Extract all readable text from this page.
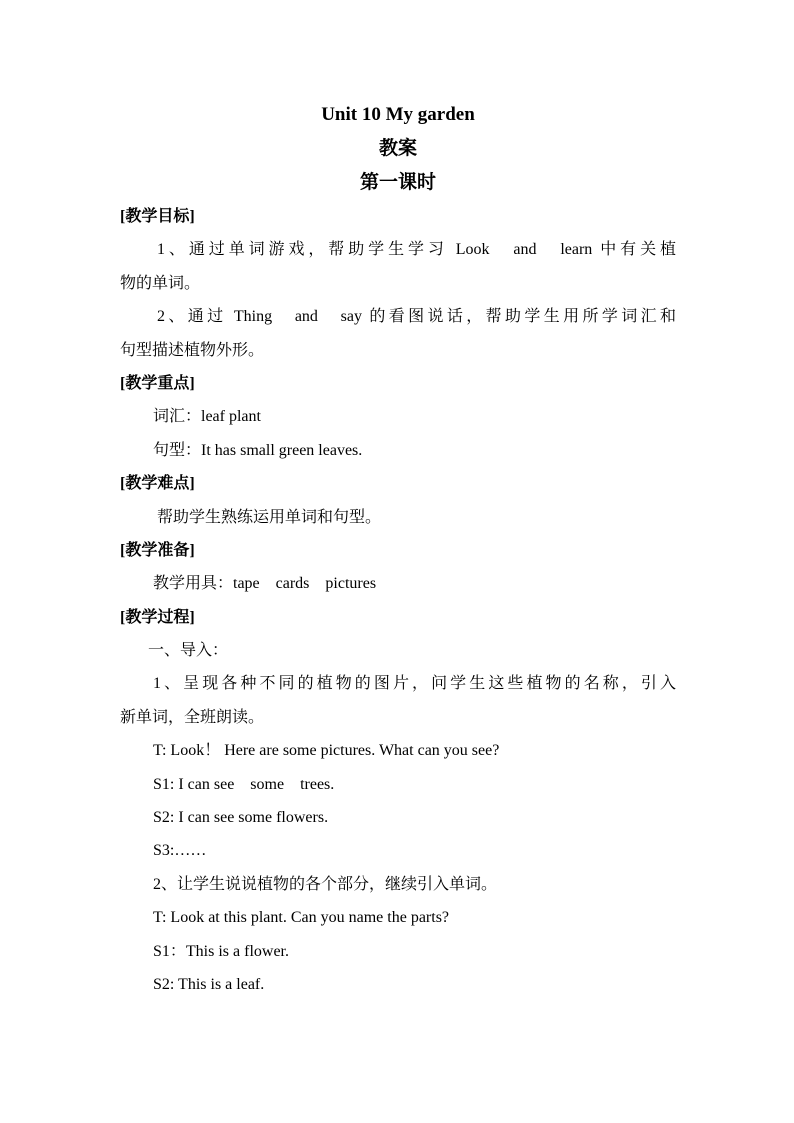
Unit 10 My garden
教案
第一课时
[教学目标]
1、通过单词游戏，帮助学生学习 Look　and　learn 中有关植
物的单词。
2、通过 Thing　and　say 的看图说话，帮助学生用所学词汇和
句型描述植物外形。
[教学重点]
词汇：leaf plant
句型：It has small green leaves.
[教学难点]
帮助学生熟练运用单词和句型。
[教学准备]
教学用具：tape　cards　pictures
[教学过程]
一、导入：
1、呈现各种不同的植物的图片，问学生这些植物的名称，引入
新单词，全班朗读。
T: Look！ Here are some pictures. What can you see?
S1: I can see　some　trees.
S2: I can see some flowers.
S3:……
2、让学生说说植物的各个部分，继续引入单词。
T: Look at this plant. Can you name the parts?
S1：This is a flower.
S2: This is a leaf.
